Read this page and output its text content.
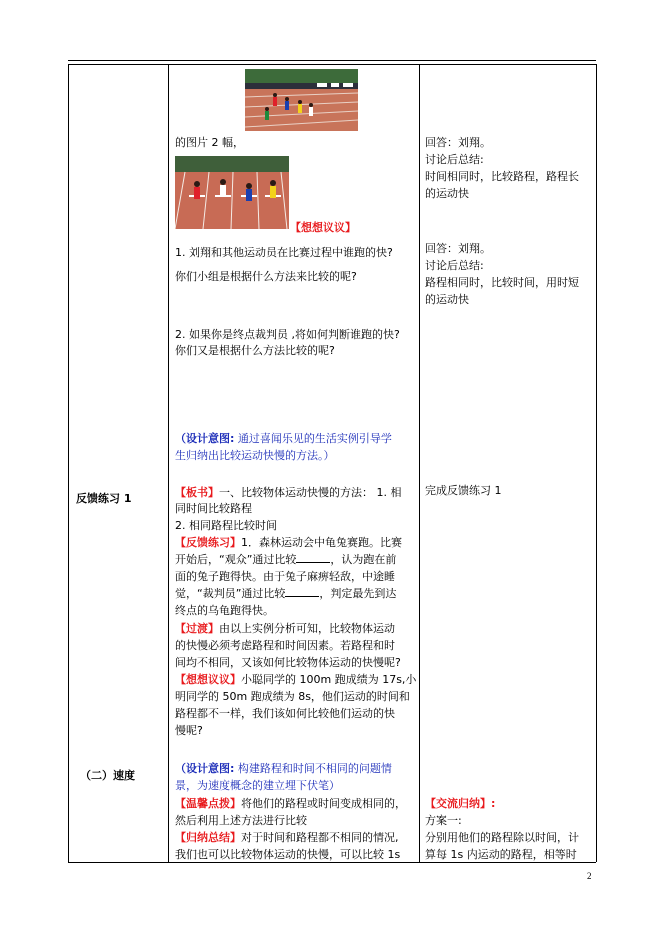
反馈练习 1
（二）速度
的图片 2 幅，
【想想议议】
1. 刘翔和其他运动员在比赛过程中谁跑的快?
你们小组是根据什么方法来比较的呢?
2. 如果你是终点裁判员 ,将如何判断谁跑的快?
你们又是根据什么方法比较的呢?
（设计意图: 通过喜闻乐见的生活实例引导学
生归纳出比较运动快慢的方法。）
【板书】一、比较物体运动快慢的方法： 1. 相
同时间比较路程
2. 相同路程比较时间
【反馈练习】1．森林运动会中龟兔赛跑。比赛
开始后，“观众”通过比较	，认为跑在前
面的兔子跑得快。由于兔子麻痹轻敌，中途睡
觉，“裁判员”通过比较	，判定最先到达
终点的乌龟跑得快。
【过渡】由以上实例分析可知，比较物体运动
的快慢必须考虑路程和时间因素。若路程和时
间均不相同，又该如何比较物体运动的快慢呢?
【想想议议】小聪同学的 100m 跑成绩为 17s,小
明同学的 50m 跑成绩为 8s，他们运动的时间和
路程都不一样，我们该如何比较他们运动的快
慢呢?
（设计意图: 构建路程和时间不相同的问题情
景，为速度概念的建立埋下伏笔）
【温馨点拨】将他们的路程或时间变成相同的，
然后利用上述方法进行比较
【归纳总结】对于时间和路程都不相同的情况,
我们也可以比较物体运动的快慢，可以比较 1s
回答：刘翔。
讨论后总结:
时间相同时，比较路程，路程长
的运动快
回答：刘翔。
讨论后总结:
路程相同时，比较时间，用时短
的运动快
完成反馈练习 1
【交流归纳】:
方案一:
分别用他们的路程除以时间，计
算每 1s 内运动的路程，相等时
2
